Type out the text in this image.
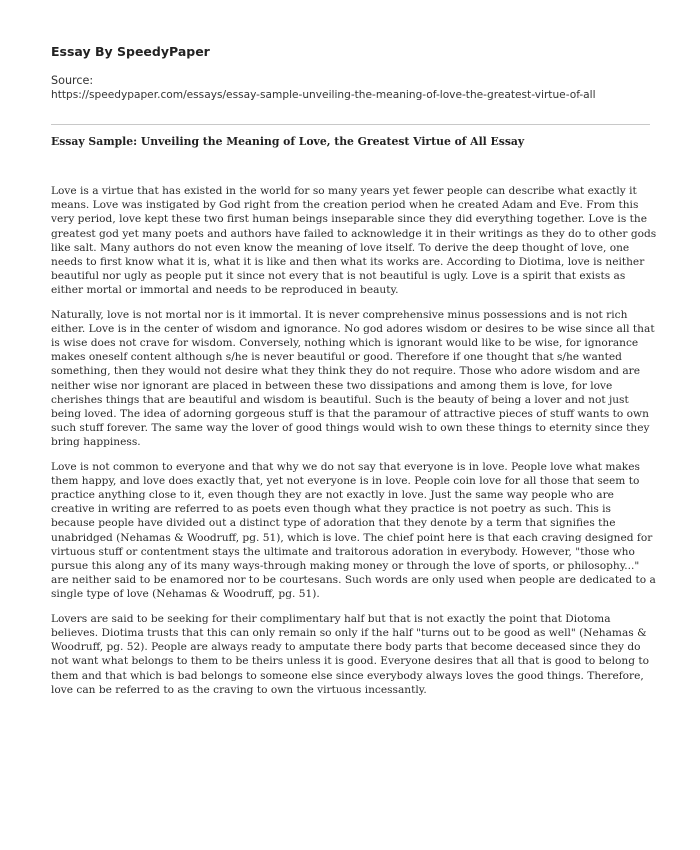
Essay By SpeedyPaper
Source:
https://speedypaper.com/essays/essay-sample-unveiling-the-meaning-of-love-the-greatest-virtue-of-all
Essay Sample: Unveiling the Meaning of Love, the Greatest Virtue of All Essay

Love is a virtue that has existed in the world for so many years yet fewer people can describe what exactly it means. Love was instigated by God right from the creation period when he created Adam and Eve. From this very period, love kept these two first human beings inseparable since they did everything together. Love is the greatest god yet many poets and authors have failed to acknowledge it in their writings as they do to other gods like salt. Many authors do not even know the meaning of love itself. To derive the deep thought of love, one needs to first know what it is, what it is like and then what its works are. According to Diotima, love is neither beautiful nor ugly as people put it since not every that is not beautiful is ugly. Love is a spirit that exists as either mortal or immortal and needs to be reproduced in beauty.

Naturally, love is not mortal nor is it immortal. It is never comprehensive minus possessions and is not rich either. Love is in the center of wisdom and ignorance. No god adores wisdom or desires to be wise since all that is wise does not crave for wisdom. Conversely, nothing which is ignorant would like to be wise, for ignorance makes oneself content although s/he is never beautiful or good. Therefore if one thought that s/he wanted something, then they would not desire what they think they do not require. Those who adore wisdom and are neither wise nor ignorant are placed in between these two dissipations and among them is love, for love cherishes things that are beautiful and wisdom is beautiful. Such is the beauty of being a lover and not just being loved. The idea of adorning gorgeous stuff is that the paramour of attractive pieces of stuff wants to own such stuff forever. The same way the lover of good things would wish to own these things to eternity since they bring happiness.

Love is not common to everyone and that why we do not say that everyone is in love. People love what makes them happy, and love does exactly that, yet not everyone is in love. People coin love for all those that seem to practice anything close to it, even though they are not exactly in love. Just the same way people who are creative in writing are referred to as poets even though what they practice is not poetry as such. This is because people have divided out a distinct type of adoration that they denote by a term that signifies the unabridged (Nehamas & Woodruff, pg. 51), which is love. The chief point here is that each craving designed for virtuous stuff or contentment stays the ultimate and traitorous adoration in everybody. However, "those who pursue this along any of its many ways-through making money or through the love of sports, or philosophy..." are neither said to be enamored nor to be courtesans. Such words are only used when people are dedicated to a single type of love (Nehamas & Woodruff, pg. 51).

Lovers are said to be seeking for their complimentary half but that is not exactly the point that Diotoma believes. Diotima trusts that this can only remain so only if the half "turns out to be good as well" (Nehamas & Woodruff, pg. 52). People are always ready to amputate there body parts that become deceased since they do not want what belongs to them to be theirs unless it is good. Everyone desires that all that is good to belong to them and that which is bad belongs to someone else since everybody always loves the good things. Therefore, love can be referred to as the craving to own the virtuous incessantly.
